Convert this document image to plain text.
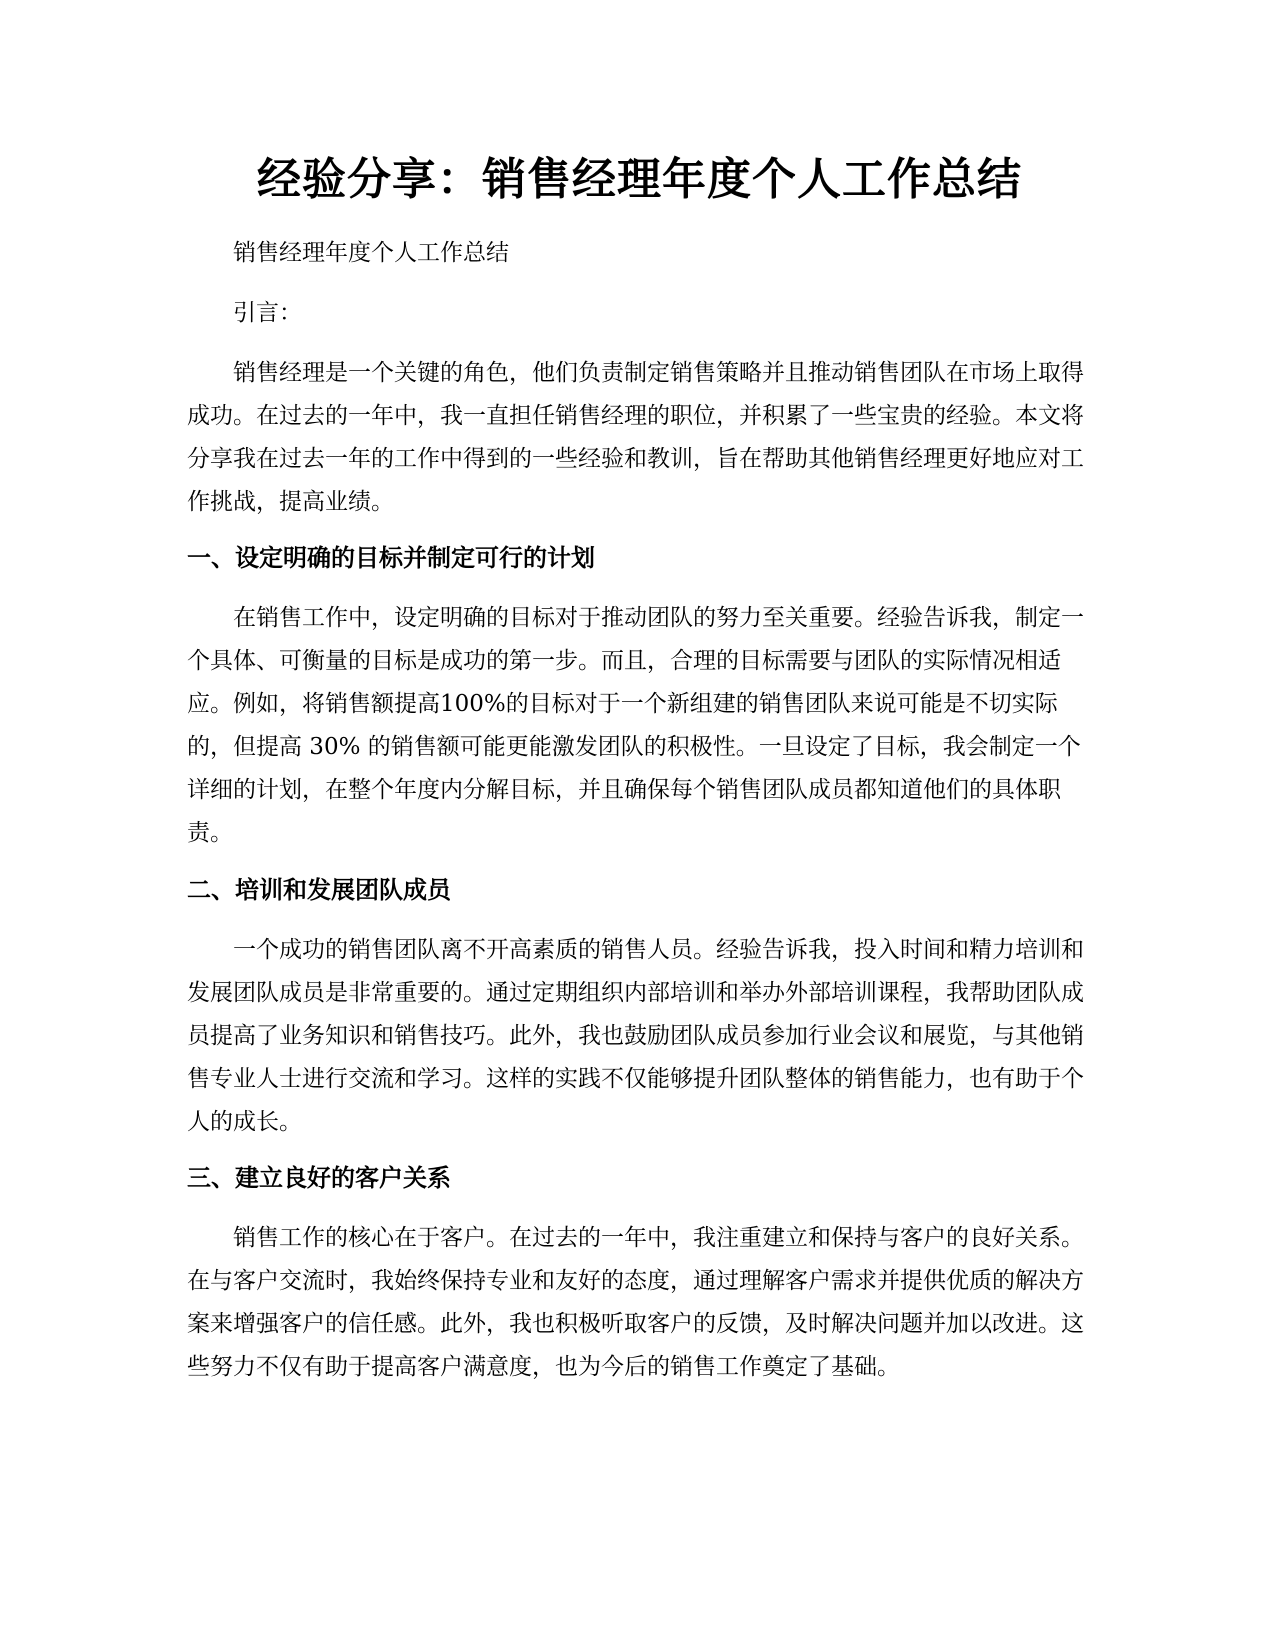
经验分享：销售经理年度个人工作总结

销售经理年度个人工作总结

引言：

销售经理是一个关键的角色，他们负责制定销售策略并且推动销售团队在市场上取得成功。在过去的一年中，我一直担任销售经理的职位，并积累了一些宝贵的经验。本文将分享我在过去一年的工作中得到的一些经验和教训，旨在帮助其他销售经理更好地应对工作挑战，提高业绩。

一、设定明确的目标并制定可行的计划

在销售工作中，设定明确的目标对于推动团队的努力至关重要。经验告诉我，制定一个具体、可衡量的目标是成功的第一步。而且，合理的目标需要与团队的实际情况相适应。例如，将销售额提高100%的目标对于一个新组建的销售团队来说可能是不切实际的，但提高 30% 的销售额可能更能激发团队的积极性。一旦设定了目标，我会制定一个详细的计划，在整个年度内分解目标，并且确保每个销售团队成员都知道他们的具体职责。

二、培训和发展团队成员

一个成功的销售团队离不开高素质的销售人员。经验告诉我，投入时间和精力培训和发展团队成员是非常重要的。通过定期组织内部培训和举办外部培训课程，我帮助团队成员提高了业务知识和销售技巧。此外，我也鼓励团队成员参加行业会议和展览，与其他销售专业人士进行交流和学习。这样的实践不仅能够提升团队整体的销售能力，也有助于个人的成长。

三、建立良好的客户关系

销售工作的核心在于客户。在过去的一年中，我注重建立和保持与客户的良好关系。在与客户交流时，我始终保持专业和友好的态度，通过理解客户需求并提供优质的解决方案来增强客户的信任感。此外，我也积极听取客户的反馈，及时解决问题并加以改进。这些努力不仅有助于提高客户满意度，也为今后的销售工作奠定了基础。
